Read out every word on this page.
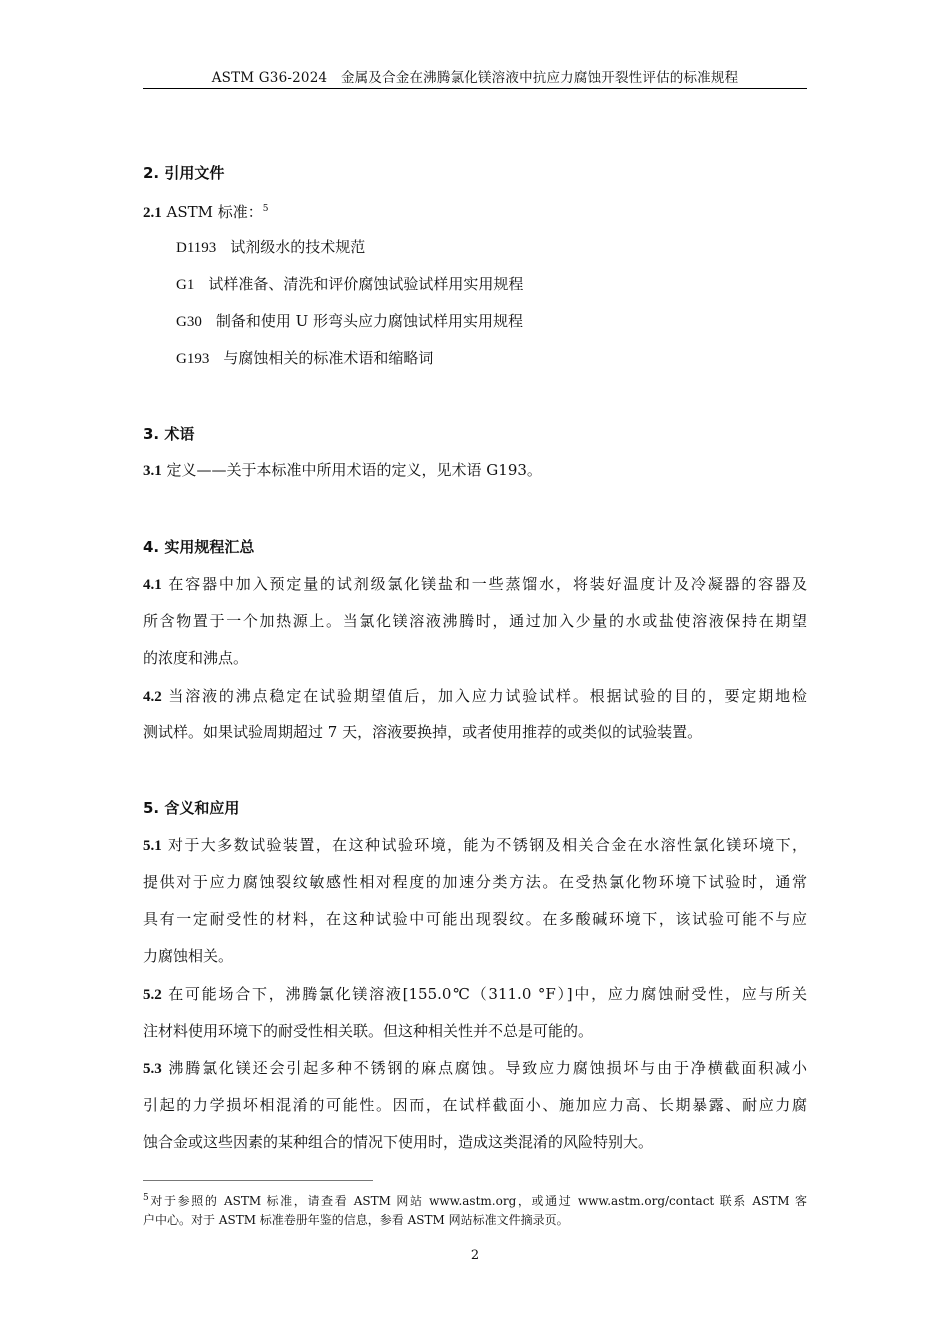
ASTM G36-2024　金属及合金在沸腾氯化镁溶液中抗应力腐蚀开裂性评估的标准规程
2. 引用文件
2.1 ASTM 标准：$^5$
D1193 试剂级水的技术规范
G1 试样准备、清洗和评价腐蚀试验试样用实用规程
G30 制备和使用 U 形弯头应力腐蚀试样用实用规程
G193 与腐蚀相关的标准术语和缩略词
3. 术语
3.1 定义——关于本标准中所用术语的定义，见术语 G193。
4. 实用规程汇总
4.1 在容器中加入预定量的试剂级氯化镁盐和一些蒸馏水，将装好温度计及冷凝器的容器及
所含物置于一个加热源上。当氯化镁溶液沸腾时，通过加入少量的水或盐使溶液保持在期望
的浓度和沸点。
4.2 当溶液的沸点稳定在试验期望值后，加入应力试验试样。根据试验的目的，要定期地检
测试样。如果试验周期超过 7 天，溶液要换掉，或者使用推荐的或类似的试验装置。
5. 含义和应用
5.1 对于大多数试验装置，在这种试验环境，能为不锈钢及相关合金在水溶性氯化镁环境下，
提供对于应力腐蚀裂纹敏感性相对程度的加速分类方法。在受热氯化物环境下试验时，通常
具有一定耐受性的材料，在这种试验中可能出现裂纹。在多酸碱环境下，该试验可能不与应
力腐蚀相关。
5.2 在可能场合下，沸腾氯化镁溶液[155.0℃（311.0 °F）]中，应力腐蚀耐受性，应与所关
注材料使用环境下的耐受性相关联。但这种相关性并不总是可能的。
5.3 沸腾氯化镁还会引起多种不锈钢的麻点腐蚀。导致应力腐蚀损坏与由于净横截面积减小
引起的力学损坏相混淆的可能性。因而，在试样截面小、施加应力高、长期暴露、耐应力腐
蚀合金或这些因素的某种组合的情况下使用时，造成这类混淆的风险特别大。
$^5$对于参照的 ASTM 标准，请查看 ASTM 网站 www.astm.org，或通过 www.astm.org/contact 联系 ASTM 客
户中心。对于 ASTM 标准卷册年鉴的信息，参看 ASTM 网站标准文件摘录页。
2
